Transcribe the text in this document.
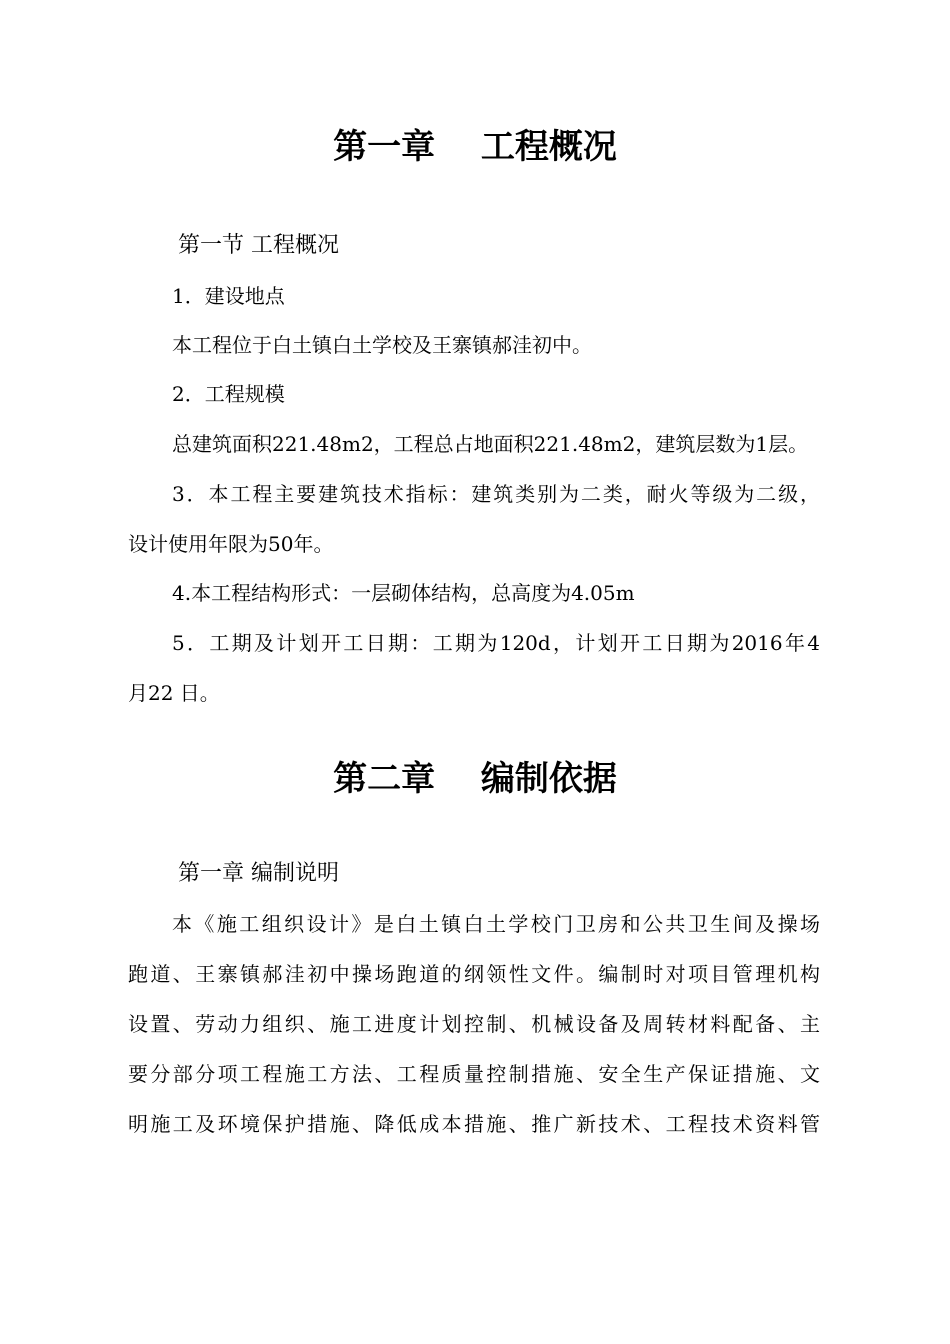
第一章　 工程概况

第一节 工程概况

1．建设地点

本工程位于白土镇白土学校及王寨镇郝洼初中。

2．工程规模

总建筑面积221.48m2，工程总占地面积221.48m2，建筑层数为1层。

3．本工程主要建筑技术指标：建筑类别为二类，耐火等级为二级，

设计使用年限为50年。

4.本工程结构形式：一层砌体结构，总高度为4.05m

5．工期及计划开工日期：工期为120d，计划开工日期为2016年4

月22 日。

第二章　 编制依据

第一章 编制说明

本《施工组织设计》是白土镇白土学校门卫房和公共卫生间及操场

跑道、王寨镇郝洼初中操场跑道的纲领性文件。编制时对项目管理机构

设置、劳动力组织、施工进度计划控制、机械设备及周转材料配备、主

要分部分项工程施工方法、工程质量控制措施、安全生产保证措施、文

明施工及环境保护措施、降低成本措施、推广新技术、工程技术资料管
